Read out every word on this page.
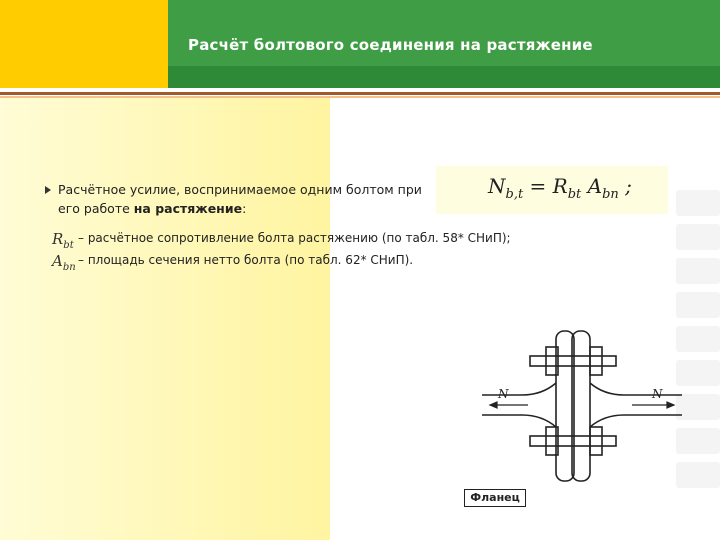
Расчёт болтового соединения на растяжение
Расчётное усилие, воспринимаемое одним болтом при
его работе на растяжение:
$N_{b,t} = R_{bt}$ $A_{bn}$ ;
$R_{bt}$
– расчётное сопротивление болта растяжению (по табл. 58* СНиП);
$A_{bn}$
– площадь сечения нетто болта (по табл. 62* СНиП).
N	N
Фланец
